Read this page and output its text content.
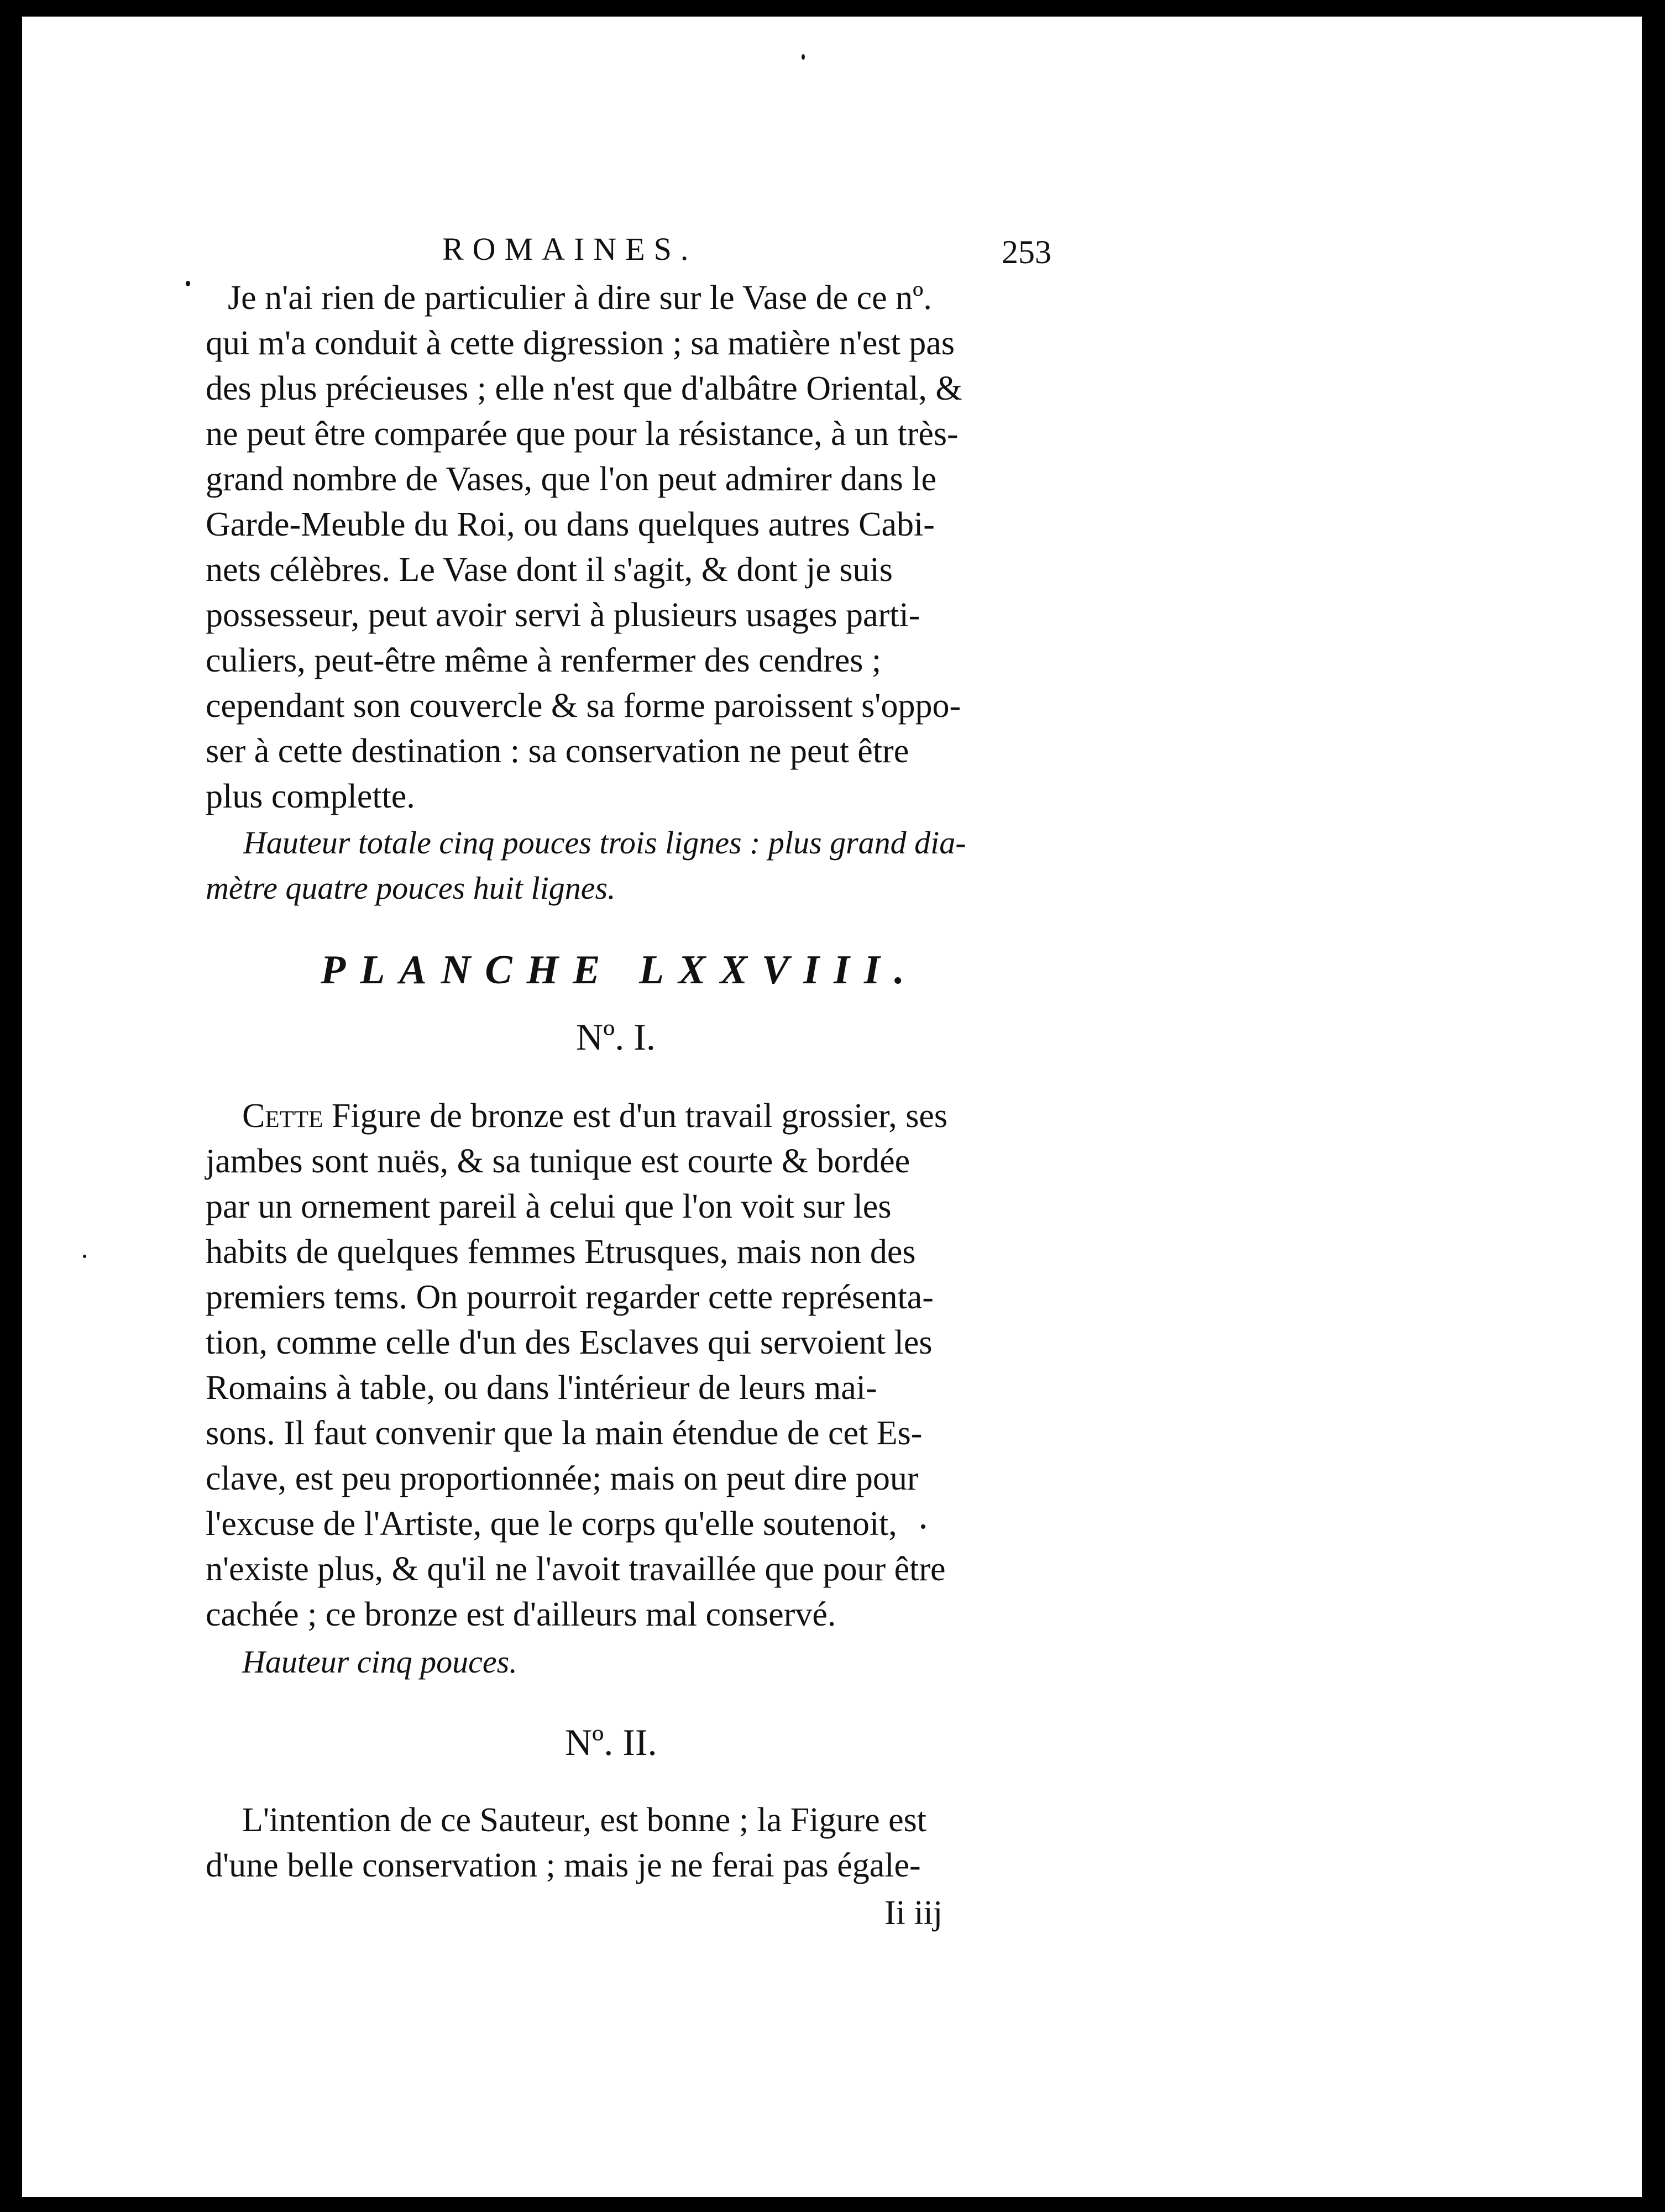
ROMAINES.	253
Je n'ai rien de particulier à dire sur le Vase de ce nº.
qui m'a conduit à cette digression ; sa matière n'est pas
des plus précieuses ; elle n'est que d'albâtre Oriental, &
ne peut être comparée que pour la résistance, à un très-
grand nombre de Vases, que l'on peut admirer dans le
Garde-Meuble du Roi, ou dans quelques autres Cabi-
nets célèbres. Le Vase dont il s'agit, & dont je suis
possesseur, peut avoir servi à plusieurs usages parti-
culiers, peut-être même à renfermer des cendres ;
cependant son couvercle & sa forme paroissent s'oppo-
ser à cette destination : sa conservation ne peut être
plus complette.
Hauteur totale cinq pouces trois lignes : plus grand dia-
mètre quatre pouces huit lignes.
PLANCHE LXXVIII.
Nº. I.
Cette Figure de bronze est d'un travail grossier, ses
jambes sont nuës, & sa tunique est courte & bordée
par un ornement pareil à celui que l'on voit sur les
habits de quelques femmes Etrusques, mais non des
premiers tems. On pourroit regarder cette représenta-
tion, comme celle d'un des Esclaves qui servoient les
Romains à table, ou dans l'intérieur de leurs mai-
sons. Il faut convenir que la main étendue de cet Es-
clave, est peu proportionnée; mais on peut dire pour
l'excuse de l'Artiste, que le corps qu'elle soutenoit,
n'existe plus, & qu'il ne l'avoit travaillée que pour être
cachée ; ce bronze est d'ailleurs mal conservé.
Hauteur cinq pouces.
Nº. II.
L'intention de ce Sauteur, est bonne ; la Figure est
d'une belle conservation ; mais je ne ferai pas égale-
Ii iij
